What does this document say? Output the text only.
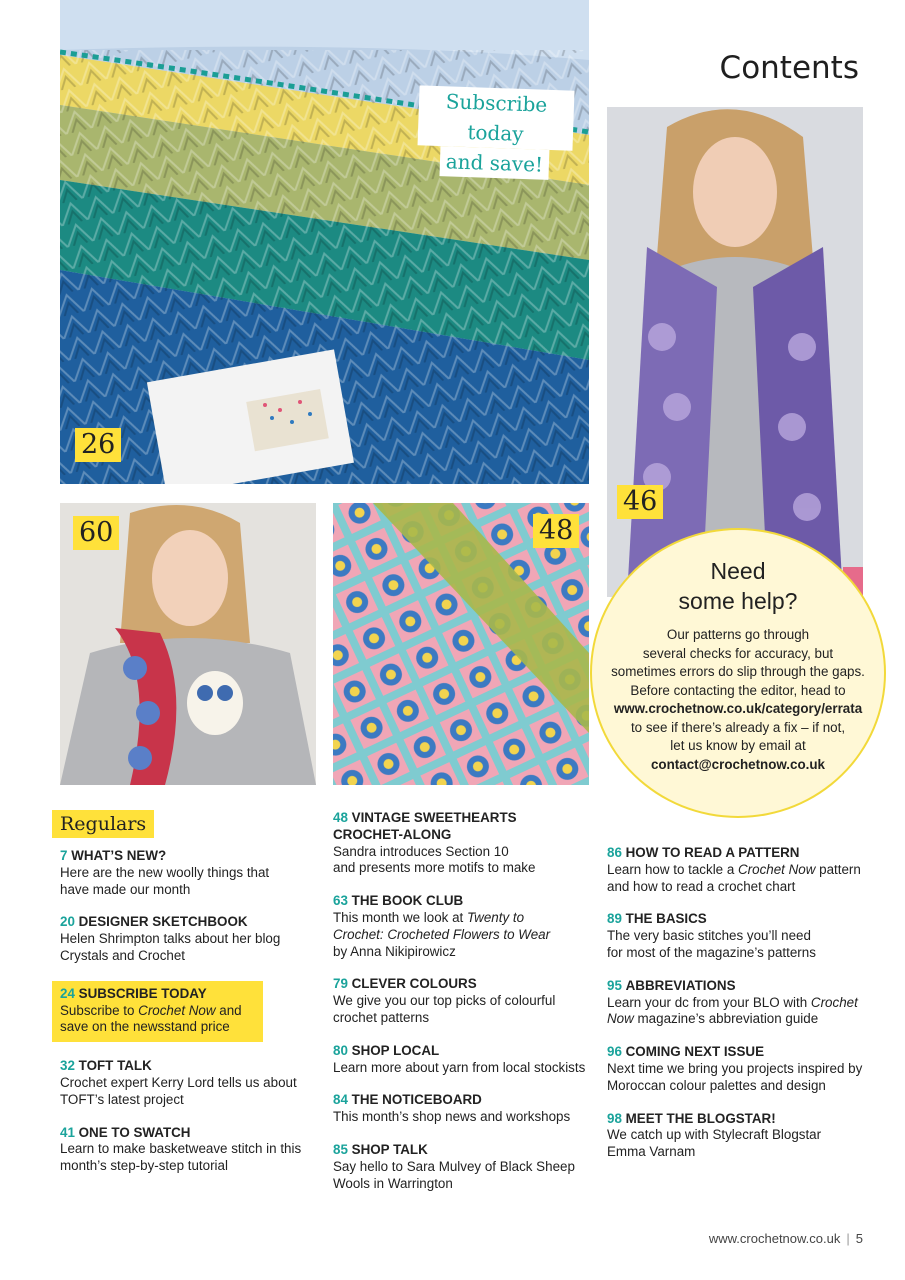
26
46
60	48
Contents
Subscribe today
and save!
Need
some help?
Our patterns go through
several checks for accuracy, but
sometimes errors do slip through the gaps.
Before contacting the editor, head to
www.crochetnow.co.uk/category/errata
to see if there’s already a fix – if not,
let us know by email at
contact@crochetnow.co.uk
Regulars
7 WHAT’S NEW?
Here are the new woolly things that
have made our month
20 DESIGNER SKETCHBOOK
Helen Shrimpton talks about her blog
Crystals and Crochet
24 SUBSCRIBE TODAY
Subscribe to Crochet Now and
save on the newsstand price
32 TOFT TALK
Crochet expert Kerry Lord tells us about
TOFT’s latest project
41 ONE TO SWATCH
Learn to make basketweave stitch in this
month’s step-by-step tutorial
48 VINTAGE SWEETHEARTS
CROCHET-ALONG
Sandra introduces Section 10
and presents more motifs to make
63 THE BOOK CLUB
This month we look at Twenty to
Crochet: Crocheted Flowers to Wear
by Anna Nikipirowicz
79 CLEVER COLOURS
We give you our top picks of colourful
crochet patterns
80 SHOP LOCAL
Learn more about yarn from local stockists
84 THE NOTICEBOARD
This month’s shop news and workshops
85 SHOP TALK
Say hello to Sara Mulvey of Black Sheep
Wools in Warrington
86 HOW TO READ A PATTERN
Learn how to tackle a Crochet Now pattern
and how to read a crochet chart
89 THE BASICS
The very basic stitches you’ll need
for most of the magazine’s patterns
95 ABBREVIATIONS
Learn your dc from your BLO with Crochet
Now magazine’s abbreviation guide
96 COMING NEXT ISSUE
Next time we bring you projects inspired by
Moroccan colour palettes and design
98 MEET THE BLOGSTAR!
We catch up with Stylecraft Blogstar
Emma Varnam
www.crochetnow.co.uk | 5
